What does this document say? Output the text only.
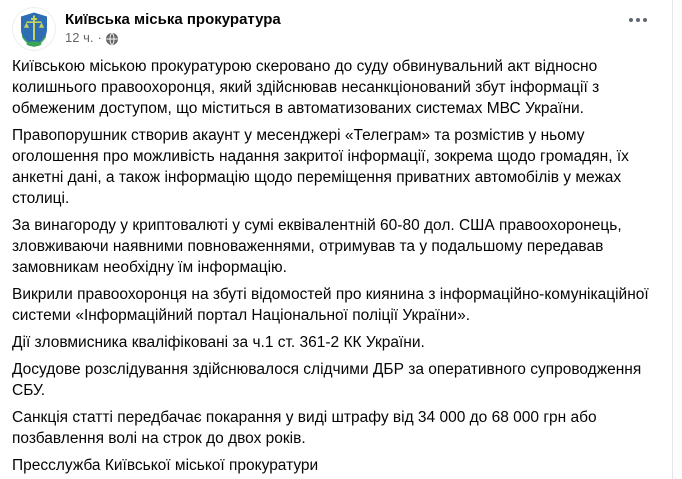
Київська міська прокуратура
12 ч. ·

Київською міською прокуратурою скеровано до суду обвинувальний акт відносно колишнього правоохоронця, який здійснював несанкціонований збут інформації з обмеженим доступом, що міститься в автоматизованих системах МВС України.

Правопорушник створив акаунт у месенджері «Телеграм» та розмістив у ньому оголошення про можливість надання закритої інформації, зокрема щодо громадян, їх анкетні дані, а також інформацію щодо переміщення приватних автомобілів у межах столиці.

За винагороду у криптовалюті у сумі еквівалентній 60-80 дол. США правоохоронець, зловживаючи наявними повноваженнями, отримував та у подальшому передавав замовникам необхідну їм інформацію.

Викрили правоохоронця на збуті відомостей про киянина з інформаційно-комунікаційної системи «Інформаційний портал Національної поліції України».

Дії зловмисника кваліфіковані за ч.1 ст. 361-2 КК України.

Досудове розслідування здійснювалося слідчими ДБР за оперативного супроводження СБУ.

Санкція статті передбачає покарання у виді штрафу від 34 000 до 68 000 грн або позбавлення волі на строк до двох років.

Пресслужба Київської міської прокуратури
